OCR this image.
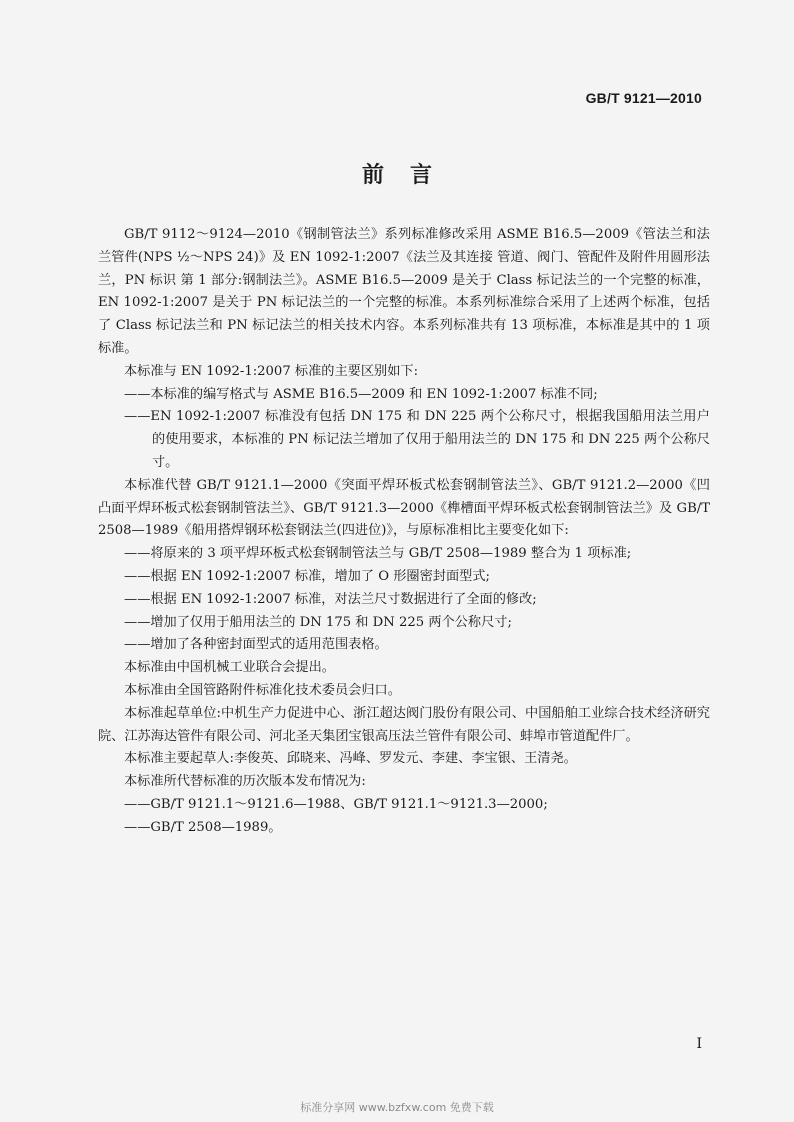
GB/T 9121—2010
前言

GB/T 9112～9124—2010《钢制管法兰》系列标准修改采用 ASME B16.5—2009《管法兰和法兰管件(NPS ½～NPS 24)》及 EN 1092-1:2007《法兰及其连接 管道、阀门、管配件及附件用圆形法兰，PN 标识 第 1 部分:钢制法兰》。ASME B16.5—2009 是关于 Class 标记法兰的一个完整的标准，EN 1092-1:2007 是关于 PN 标记法兰的一个完整的标准。本系列标准综合采用了上述两个标准，包括了 Class 标记法兰和 PN 标记法兰的相关技术内容。本系列标准共有 13 项标准，本标准是其中的 1 项标准。

本标准与 EN 1092-1:2007 标准的主要区别如下:

——本标准的编写格式与 ASME B16.5—2009 和 EN 1092-1:2007 标准不同;

——EN 1092-1:2007 标准没有包括 DN 175 和 DN 225 两个公称尺寸，根据我国船用法兰用户的使用要求，本标准的 PN 标记法兰增加了仅用于船用法兰的 DN 175 和 DN 225 两个公称尺寸。

本标准代替 GB/T 9121.1—2000《突面平焊环板式松套钢制管法兰》、GB/T 9121.2—2000《凹凸面平焊环板式松套钢制管法兰》、GB/T 9121.3—2000《榫槽面平焊环板式松套钢制管法兰》及 GB/T 2508—1989《船用搭焊钢环松套钢法兰(四进位)》，与原标准相比主要变化如下:

——将原来的 3 项平焊环板式松套钢制管法兰与 GB/T 2508—1989 整合为 1 项标准;

——根据 EN 1092-1:2007 标准，增加了 O 形圈密封面型式;

——根据 EN 1092-1:2007 标准，对法兰尺寸数据进行了全面的修改;

——增加了仅用于船用法兰的 DN 175 和 DN 225 两个公称尺寸;

——增加了各种密封面型式的适用范围表格。

本标准由中国机械工业联合会提出。

本标准由全国管路附件标准化技术委员会归口。

本标准起草单位:中机生产力促进中心、浙江超达阀门股份有限公司、中国船舶工业综合技术经济研究院、江苏海达管件有限公司、河北圣天集团宝银高压法兰管件有限公司、蚌埠市管道配件厂。

本标准主要起草人:李俊英、邱晓来、冯峰、罗发元、李建、李宝银、王清尧。

本标准所代替标准的历次版本发布情况为:

——GB/T 9121.1～9121.6—1988、GB/T 9121.1～9121.3—2000;

——GB/T 2508—1989。

I
标准分享网 www.bzfxw.com 免费下载
